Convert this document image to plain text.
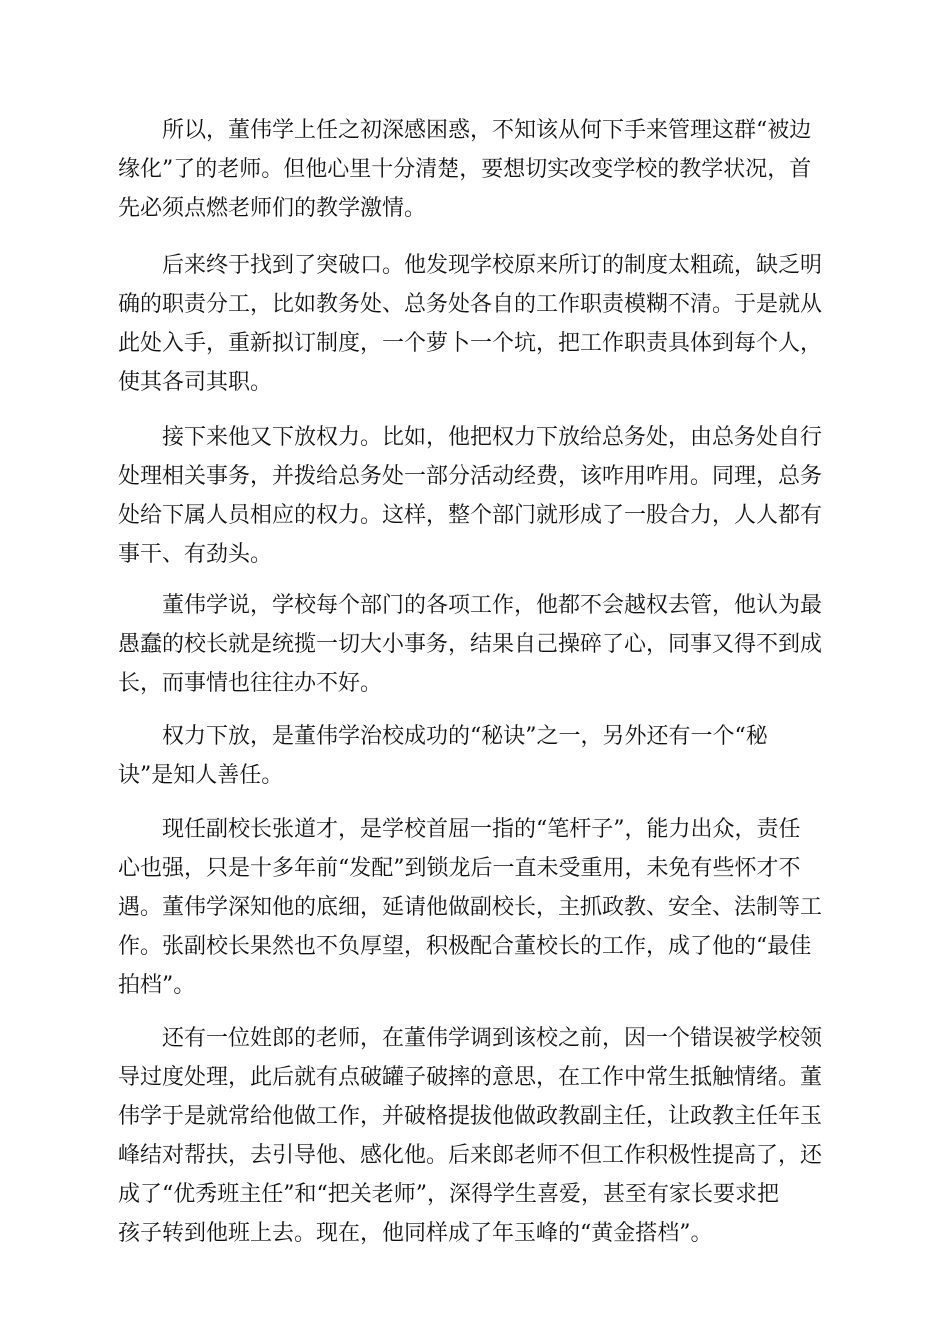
所以，董伟学上任之初深感困惑，不知该从何下手来管理这群“被边
缘化”了的老师。但他心里十分清楚，要想切实改变学校的教学状况，首
先必须点燃老师们的教学激情。
后来终于找到了突破口。他发现学校原来所订的制度太粗疏，缺乏明
确的职责分工，比如教务处、总务处各自的工作职责模糊不清。于是就从
此处入手，重新拟订制度，一个萝卜一个坑，把工作职责具体到每个人，
使其各司其职。
接下来他又下放权力。比如，他把权力下放给总务处，由总务处自行
处理相关事务，并拨给总务处一部分活动经费，该咋用咋用。同理，总务
处给下属人员相应的权力。这样，整个部门就形成了一股合力，人人都有
事干、有劲头。
董伟学说，学校每个部门的各项工作，他都不会越权去管，他认为最
愚蠢的校长就是统揽一切大小事务，结果自己操碎了心，同事又得不到成
长，而事情也往往办不好。
权力下放，是董伟学治校成功的“秘诀”之一，另外还有一个“秘
诀”是知人善任。
现任副校长张道才，是学校首屈一指的“笔杆子”，能力出众，责任
心也强，只是十多年前“发配”到锁龙后一直未受重用，未免有些怀才不
遇。董伟学深知他的底细，延请他做副校长，主抓政教、安全、法制等工
作。张副校长果然也不负厚望，积极配合董校长的工作，成了他的“最佳
拍档”。
还有一位姓郎的老师，在董伟学调到该校之前，因一个错误被学校领
导过度处理，此后就有点破罐子破摔的意思，在工作中常生抵触情绪。董
伟学于是就常给他做工作，并破格提拔他做政教副主任，让政教主任年玉
峰结对帮扶，去引导他、感化他。后来郎老师不但工作积极性提高了，还
成了“优秀班主任”和“把关老师”，深得学生喜爱，甚至有家长要求把
孩子转到他班上去。现在，他同样成了年玉峰的“黄金搭档”。
